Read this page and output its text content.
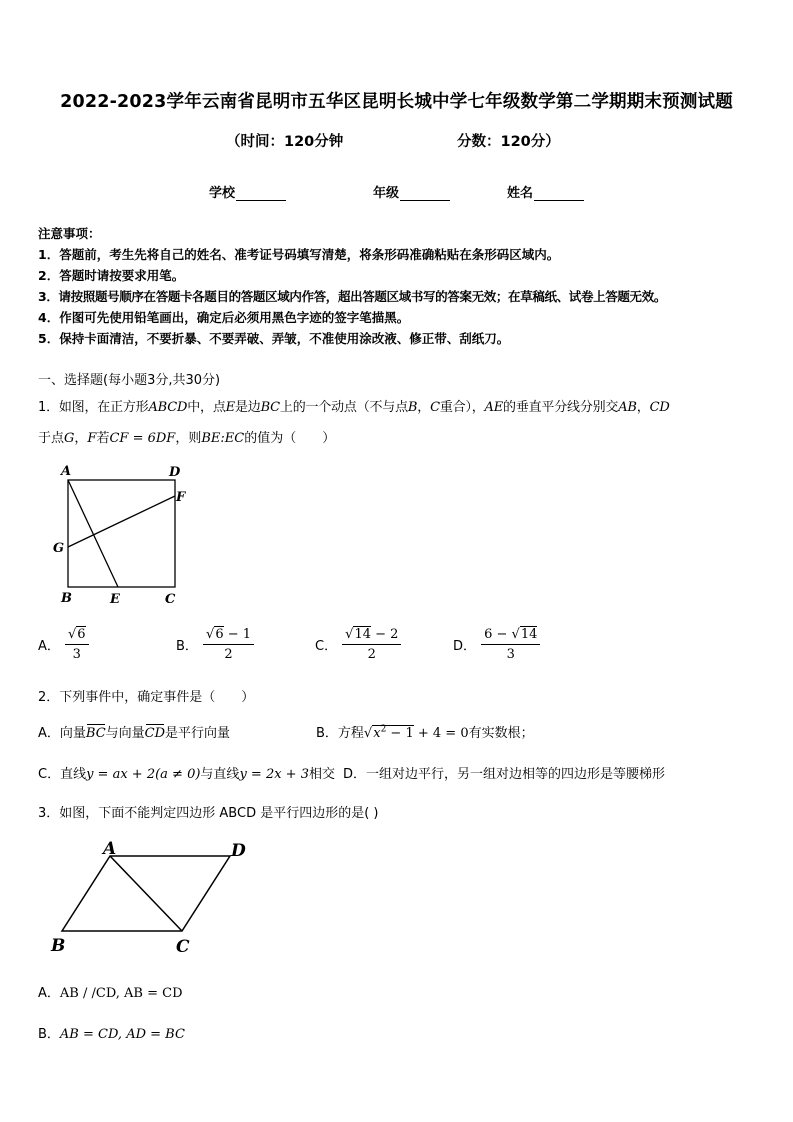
2022-2023学年云南省昆明市五华区昆明长城中学七年级数学第二学期期末预测试题
（时间：120分钟	分数：120分）
学校	年级	姓名
注意事项：
1．答题前，考生先将自己的姓名、准考证号码填写清楚，将条形码准确粘贴在条形码区域内。
2．答题时请按要求用笔。
3．请按照题号顺序在答题卡各题目的答题区域内作答，超出答题区域书写的答案无效；在草稿纸、试卷上答题无效。
4．作图可先使用铅笔画出，确定后必须用黑色字迹的签字笔描黑。
5．保持卡面清洁，不要折暴、不要弄破、弄皱，不准使用涂改液、修正带、刮纸刀。
一、选择题(每小题3分,共30分)
1．如图，在正方形ABCD中，点E是边BC上的一个动点（不与点B，C重合），AE的垂直平分线分别交AB，CD
于点G，F若CF = 6DF，则BE:EC的值为（　　）
A	D
F
G
B	E	C
A． $\frac{√6}{3}$	B． $\frac{√6 - 1}{2}$	C． $\frac{√14 - 2}{2}$	D． $\frac{6 - √14}{3}$
2．下列事件中，确定事件是（　　）
A．向量BC与向量CD是平行向量	B．方程$√x^2 - 1 + 4 = 0$有实数根；
C．直线y = ax + 2(a ≠ 0)与直线y = 2x + 3相交 D．一组对边平行，另一组对边相等的四边形是等腰梯形
3．如图，下面不能判定四边形 ABCD 是平行四边形的是( )
A	D
B	C
A．AB / /CD, AB = CD
B．AB = CD, AD = BC
